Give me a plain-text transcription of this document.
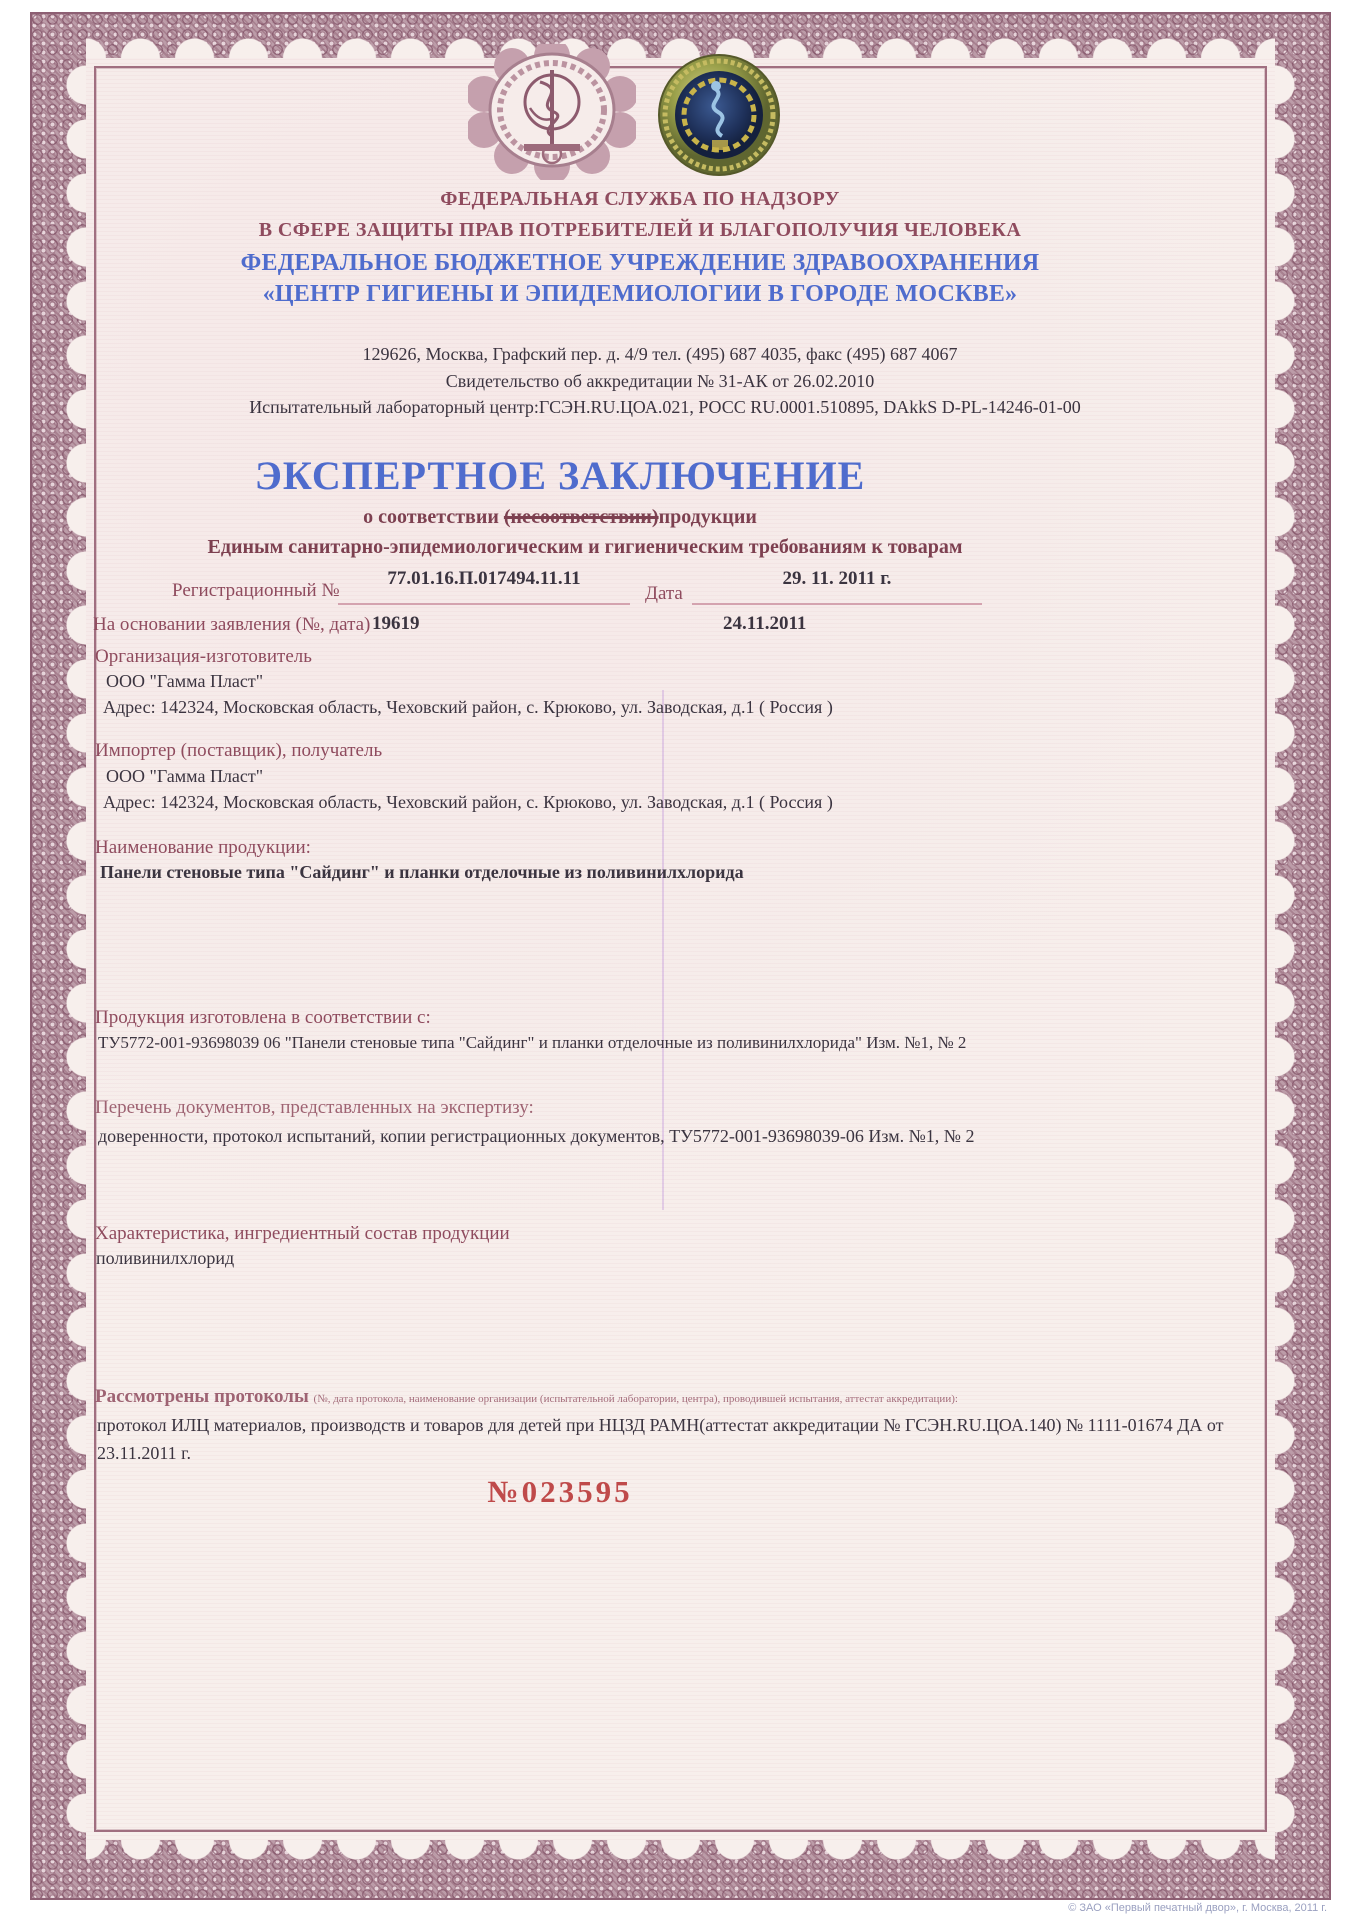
ФЕДЕРАЛЬНАЯ СЛУЖБА ПО НАДЗОРУ
В СФЕРЕ ЗАЩИТЫ ПРАВ ПОТРЕБИТЕЛЕЙ И БЛАГОПОЛУЧИЯ ЧЕЛОВЕКА
ФЕДЕРАЛЬНОЕ БЮДЖЕТНОЕ УЧРЕЖДЕНИЕ ЗДРАВООХРАНЕНИЯ
«ЦЕНТР ГИГИЕНЫ И ЭПИДЕМИОЛОГИИ В ГОРОДЕ МОСКВЕ»
129626, Москва, Графский пер. д. 4/9 тел. (495) 687 4035, факс (495) 687 4067
Свидетельство об аккредитации № 31-АК от 26.02.2010
Испытательный лабораторный центр:ГСЭН.RU.ЦОА.021, РОСС RU.0001.510895, DAkkS D-PL-14246-01-00
ЭКСПЕРТНОЕ ЗАКЛЮЧЕНИЕ
о соответствии (несоответствии)продукции
Единым санитарно-эпидемиологическим и гигиеническим требованиям к товарам
Регистрационный №
77.01.16.П.017494.11.11
Дата
29. 11. 2011 г.
На основании заявления (№, дата) 19619	24.11.2011
Организация-изготовитель
ООО "Гамма Пласт"
Адрес: 142324, Московская область, Чеховский район, с. Крюково, ул. Заводская, д.1 ( Россия )
Импортер (поставщик), получатель
ООО "Гамма Пласт"
Адрес: 142324, Московская область, Чеховский район, с. Крюково, ул. Заводская, д.1 ( Россия )
Наименование продукции:
Панели стеновые типа "Сайдинг" и планки отделочные из поливинилхлорида
Продукция изготовлена в соответствии с:
ТУ5772-001-93698039 06 "Панели стеновые типа "Сайдинг" и планки отделочные из поливинилхлорида" Изм. №1, № 2
Перечень документов, представленных на экспертизу:
доверенности, протокол испытаний, копии регистрационных документов, ТУ5772-001-93698039-06 Изм. №1, № 2
Характеристика, ингредиентный состав продукции
поливинилхлорид
Рассмотрены протоколы (№, дата протокола, наименование организации (испытательной лаборатории, центра), проводившей испытания, аттестат аккредитации):
протокол ИЛЦ материалов, производств и товаров для детей при НЦЗД РАМН(аттестат аккредитации № ГСЭН.RU.ЦОА.140) № 1111-01674 ДА от 23.11.2011 г.
№023595
© ЗАО «Первый печатный двор», г. Москва, 2011 г.
